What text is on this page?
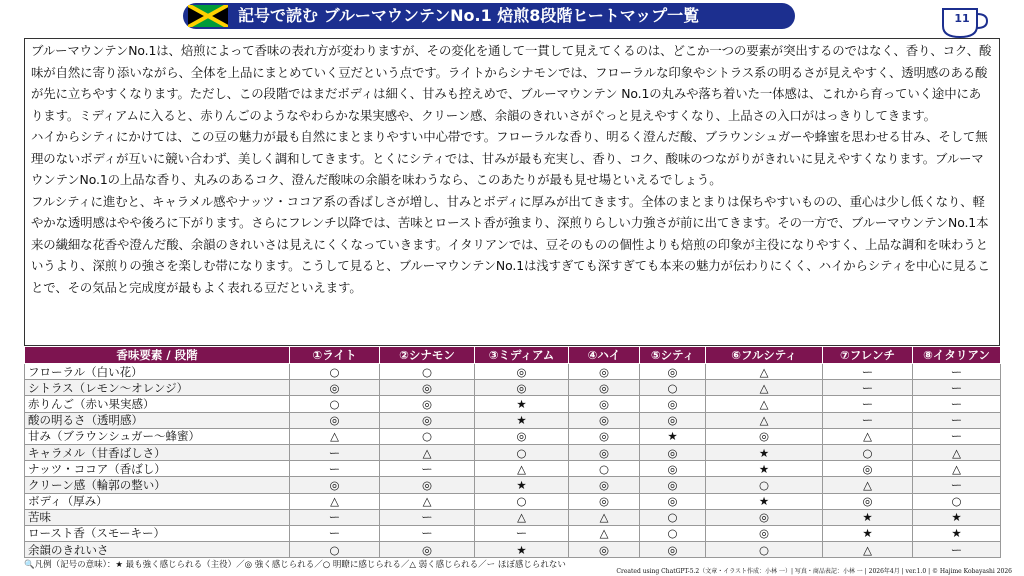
記号で読む ブルーマウンテンNo.1 焙煎8段階ヒートマップ一覧	11

ブルーマウンテンNo.1は、焙煎によって香味の表れ方が変わりますが、その変化を通して一貫して見えてくるのは、どこか一つの要素が突出するのではなく、香り、コク、酸味が自然に寄り添いながら、全体を上品にまとめていく豆だという点です。ライトからシナモンでは、フローラルな印象やシトラス系の明るさが見えやすく、透明感のある酸が先に立ちやすくなります。ただし、この段階ではまだボディは細く、甘みも控えめで、ブルーマウンテン No.1の丸みや落ち着いた一体感は、これから育っていく途中にあります。ミディアムに入ると、赤りんごのようなやわらかな果実感や、クリーン感、余韻のきれいさがぐっと見えやすくなり、上品さの入口がはっきりしてきます。

ハイからシティにかけては、この豆の魅力が最も自然にまとまりやすい中心帯です。フローラルな香り、明るく澄んだ酸、ブラウンシュガーや蜂蜜を思わせる甘み、そして無理のないボディが互いに競い合わず、美しく調和してきます。とくにシティでは、甘みが最も充実し、香り、コク、酸味のつながりがきれいに見えやすくなります。ブルーマウンテンNo.1の上品な香り、丸みのあるコク、澄んだ酸味の余韻を味わうなら、このあたりが最も見せ場といえるでしょう。

フルシティに進むと、キャラメル感やナッツ・ココア系の香ばしさが増し、甘みとボディに厚みが出てきます。全体のまとまりは保ちやすいものの、重心は少し低くなり、軽やかな透明感はやや後ろに下がります。さらにフレンチ以降では、苦味とロースト香が強まり、深煎りらしい力強さが前に出てきます。その一方で、ブルーマウンテンNo.1本来の繊細な花香や澄んだ酸、余韻のきれいさは見えにくくなっていきます。イタリアンでは、豆そのものの個性よりも焙煎の印象が主役になりやすく、上品な調和を味わうというより、深煎りの強さを楽しむ帯になります。こうして見ると、ブルーマウンテンNo.1は浅すぎても深すぎても本来の魅力が伝わりにくく、ハイからシティを中心に見ることで、その気品と完成度が最もよく表れる豆だといえます。

香味要素 / 段階	①ライト	②シナモン	③ミディアム	④ハイ	⑤シティ	⑥フルシティ	⑦フレンチ	⑧イタリアン
フローラル（白い花）	○	○	◎	◎	◎	△	ー	ー
シトラス（レモン〜オレンジ）	◎	◎	◎	◎	○	△	ー	ー
赤りんご（赤い果実感）	○	◎	★	◎	◎	△	ー	ー
酸の明るさ（透明感）	◎	◎	★	◎	◎	△	ー	ー
甘み（ブラウンシュガー〜蜂蜜）	△	○	◎	◎	★	◎	△	ー
キャラメル（甘香ばしさ）	ー	△	○	◎	◎	★	○	△
ナッツ・ココア（香ばし）	ー	ー	△	○	◎	★	◎	△
クリーン感（輪郭の整い）	◎	◎	★	◎	◎	○	△	ー
ボディ（厚み）	△	△	○	◎	◎	★	◎	○
苦味	ー	ー	△	△	○	◎	★	★
ロースト香（スモーキー）	ー	ー	ー	△	○	◎	★	★
余韻のきれいさ	○	◎	★	◎	◎	○	△	ー
🔍凡例（記号の意味）：★ 最も強く感じられる（主役）／◎ 強く感じられる／○ 明瞭に感じられる／△ 弱く感じられる／ー ほぼ感じられない
Created using ChatGPT-5.2（文章・イラスト作成：小林 一）| 写真・商品表記：小林 一 | 2026年4月 | ver.1.0 | © Hajime Kobayashi 2026
